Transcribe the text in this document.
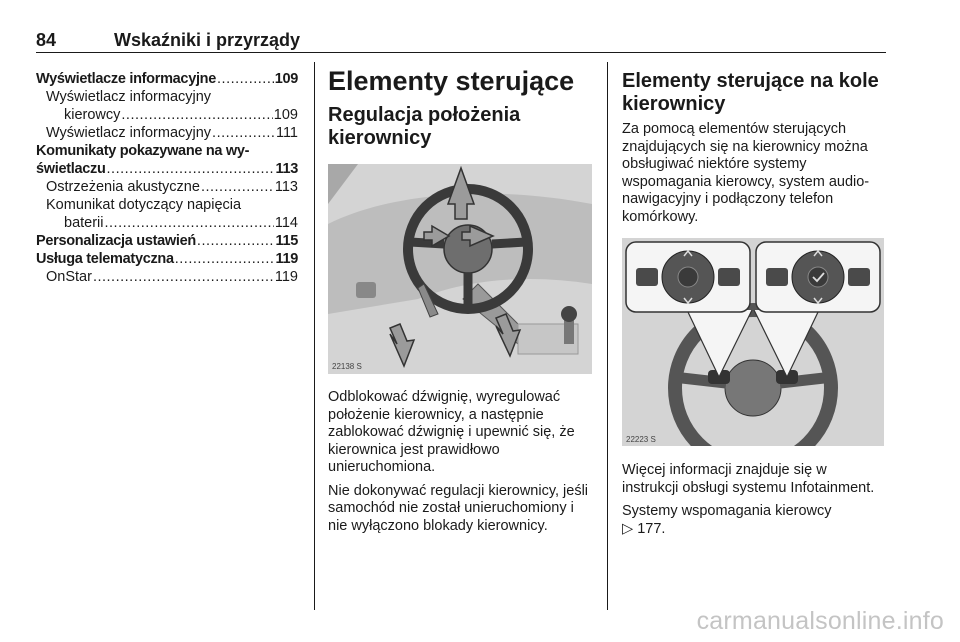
84	Wskaźniki i przyrządy
Wyświetlacze informacyjne .....	109
Wyświetlacz informacyjny
kierowcy .....	109
Wyświetlacz informacyjny .....	111
Komunikaty pokazywane na wy-
świetlaczu .....	113
Ostrzeżenia akustyczne .....	113
Komunikat dotyczący napięcia
baterii .....	114
Personalizacja ustawień .....	115
Usługa telematyczna .....	119
OnStar .....	119
Elementy sterujące
Regulacja położenia kierownicy
22138 S

Odblokować dźwignię, wyregulować położenie kierownicy, a następnie zablokować dźwignię i upewnić się, że kierownica jest prawidłowo unieruchomiona.

Nie dokonywać regulacji kierownicy, jeśli samochód nie został unieruchomiony i nie wyłączono blokady kierownicy.

Elementy sterujące na kole kierownicy

Za pomocą elementów sterujących znajdujących się na kierownicy można obsługiwać niektóre systemy wspomagania kierowcy, system audio-nawigacyjny i podłączony telefon komórkowy.

22223 S

Więcej informacji znajduje się w instrukcji obsługi systemu Infotainment.

Systemy wspomagania kierowcy
▷ 177.

carmanualsonline.info
